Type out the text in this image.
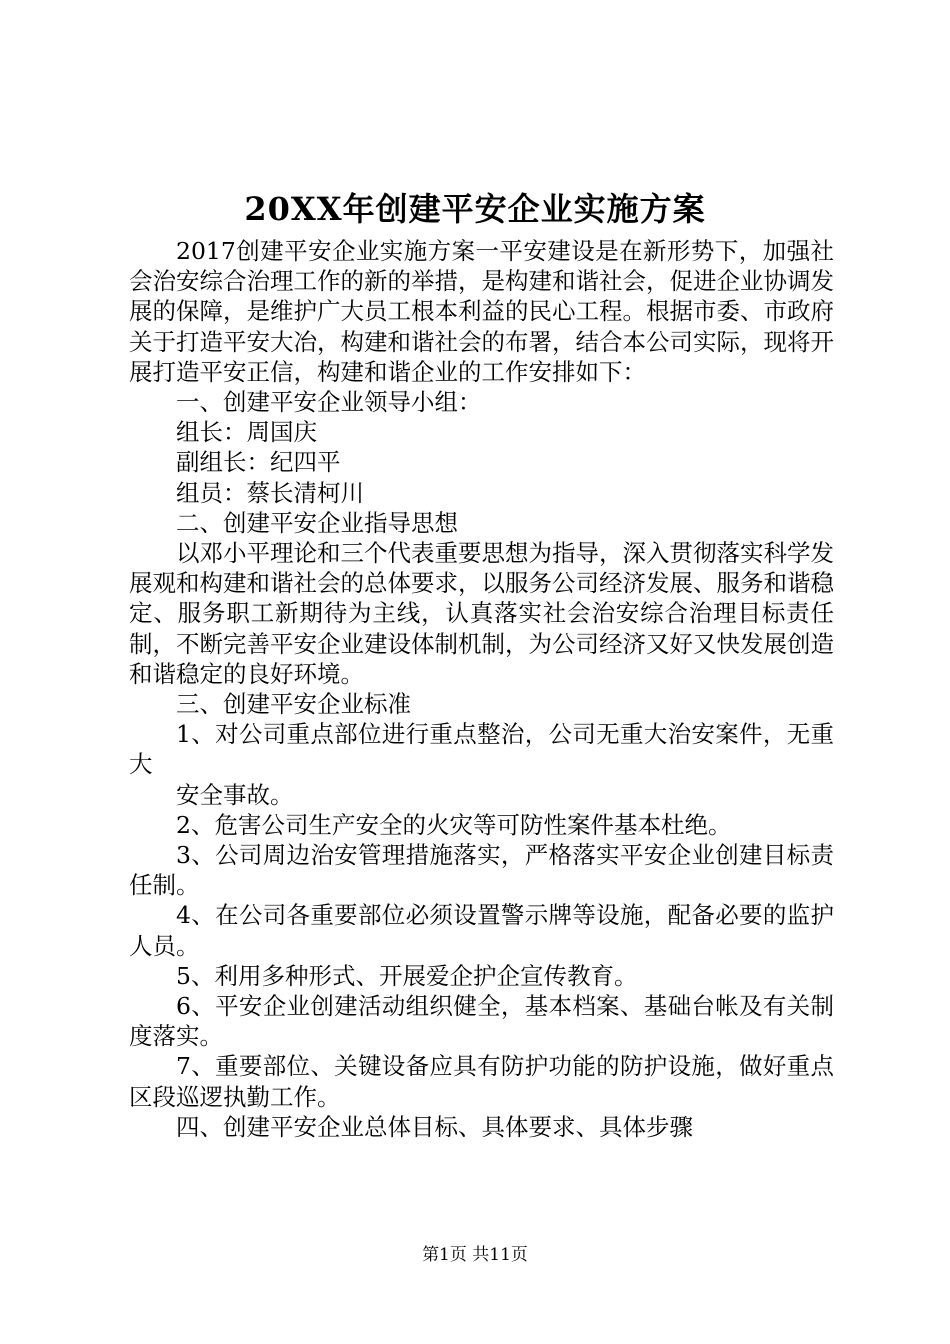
20XX年创建平安企业实施方案

2017创建平安企业实施方案一平安建设是在新形势下，加强社会治安综合治理工作的新的举措，是构建和谐社会，促进企业协调发展的保障，是维护广大员工根本利益的民心工程。根据市委、市政府关于打造平安大冶，构建和谐社会的布署，结合本公司实际，现将开展打造平安正信，构建和谐企业的工作安排如下：

一、创建平安企业领导小组：

组长：周国庆

副组长：纪四平

组员：蔡长清柯川

二、创建平安企业指导思想

以邓小平理论和三个代表重要思想为指导，深入贯彻落实科学发展观和构建和谐社会的总体要求，以服务公司经济发展、服务和谐稳定、服务职工新期待为主线，认真落实社会治安综合治理目标责任制，不断完善平安企业建设体制机制，为公司经济又好又快发展创造和谐稳定的良好环境。

三、创建平安企业标准

1、对公司重点部位进行重点整治，公司无重大治安案件，无重大

安全事故。

2、危害公司生产安全的火灾等可防性案件基本杜绝。

3、公司周边治安管理措施落实，严格落实平安企业创建目标责任制。

4、在公司各重要部位必须设置警示牌等设施，配备必要的监护人员。

5、利用多种形式、开展爱企护企宣传教育。

6、平安企业创建活动组织健全，基本档案、基础台帐及有关制度落实。

7、重要部位、关键设备应具有防护功能的防护设施，做好重点区段巡逻执勤工作。

四、创建平安企业总体目标、具体要求、具体步骤

第1页 共11页
